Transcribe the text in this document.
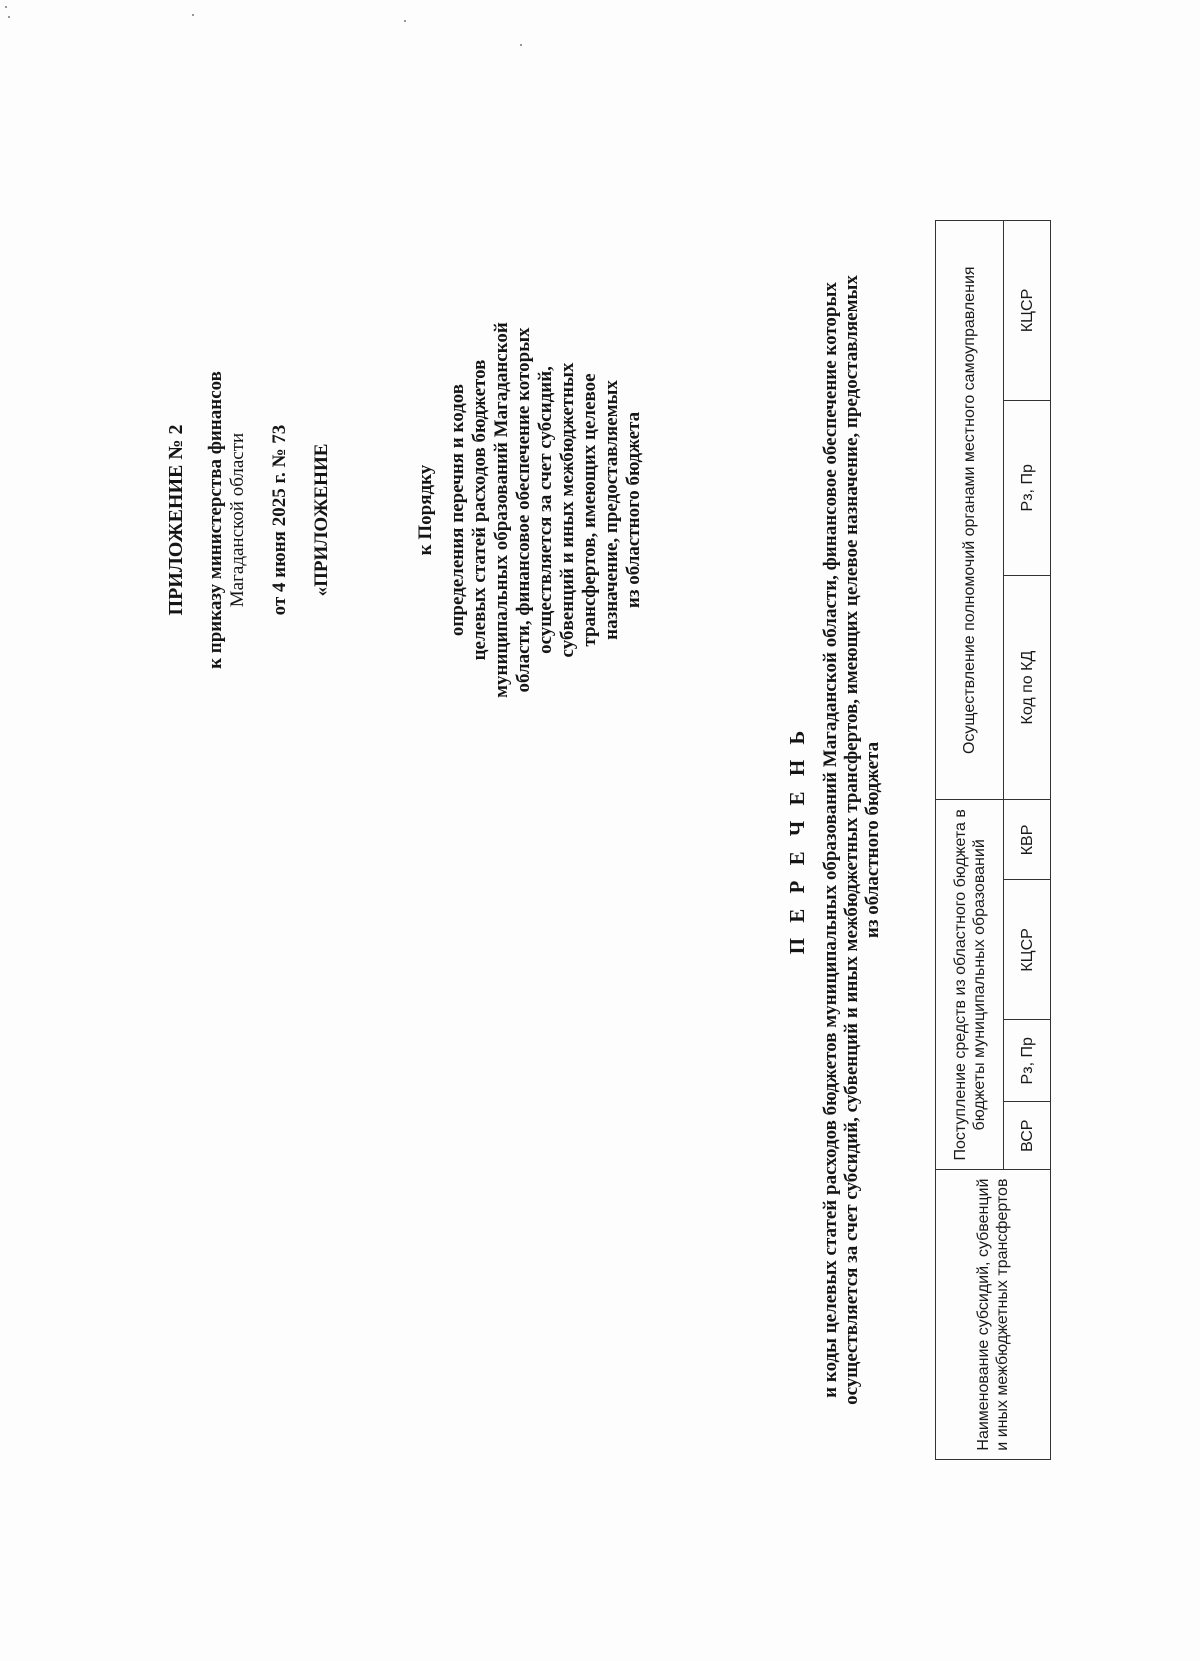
ПРИЛОЖЕНИЕ № 2 к приказу министерства финансов Магаданской области от 4 июня 2025 г. № 73 «ПРИЛОЖЕНИЕ	к Порядку определения перечня и кодов целевых статей расходов бюджетов муниципальных образований Магаданской области, финансовое обеспечение которых осуществляется за счет субсидий, субвенций и иных межбюджетных трансфертов, имеющих целевое назначение, предоставляемых из областного бюджета
П Е Р Е Ч Е Н Ь и коды целевых статей расходов бюджетов муниципальных образований Магаданской области, финансовое обеспечение которых осуществляется за счет субсидий, субвенций и иных межбюджетных трансфертов, имеющих целевое назначение, предоставляемых из областного бюджета
Наименование субсидий, субвенций и иных межбюджетных трансфертов	Поступление средств из областного бюджета в бюджеты муниципальных образований				Осуществление полномочий органами местного самоуправления		
	ВСР	Рз, Пр	КЦСР	КВР	Код по КД	Рз, Пр	КЦСР
